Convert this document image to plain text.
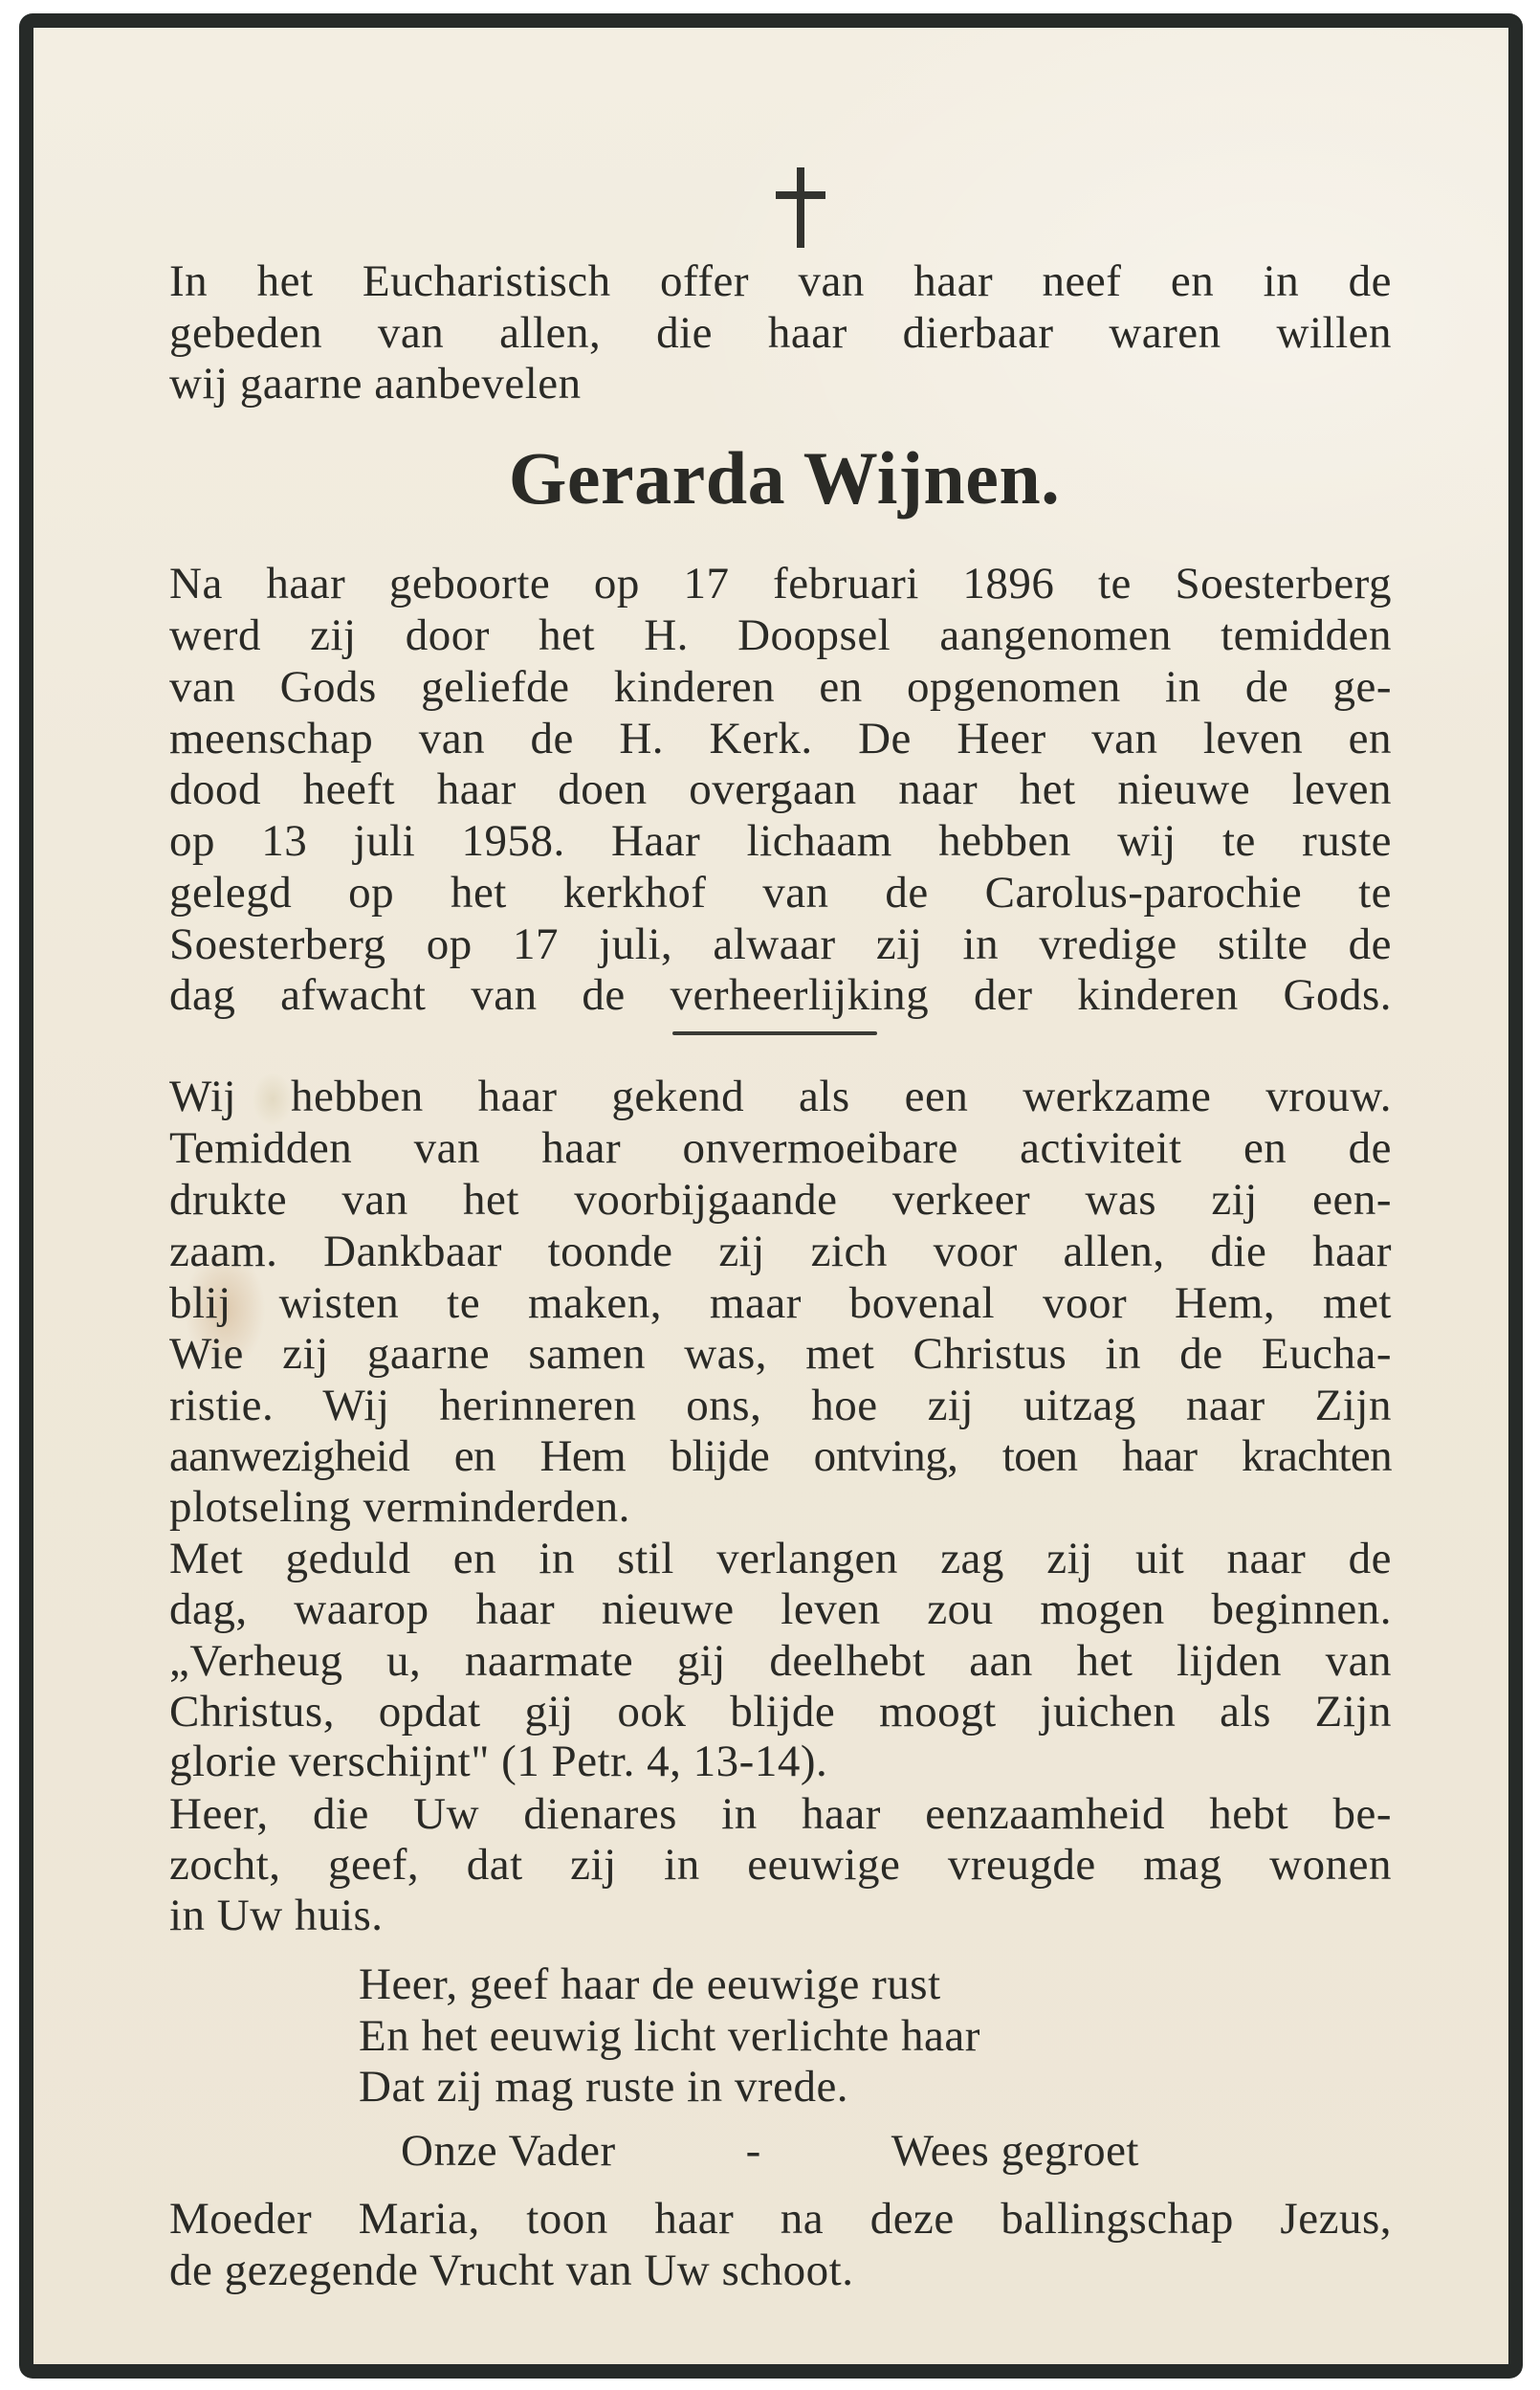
In het Eucharistisch offer van haar neef en in de
gebeden van allen, die haar dierbaar waren willen
wij gaarne aanbevelen
Gerarda Wijnen.
Na haar geboorte op 17 februari 1896 te Soesterberg
werd zij door het H. Doopsel aangenomen temidden
van Gods geliefde kinderen en opgenomen in de ge-
meenschap van de H. Kerk. De Heer van leven en
dood heeft haar doen overgaan naar het nieuwe leven
op 13 juli 1958. Haar lichaam hebben wij te ruste
gelegd op het kerkhof van de Carolus-parochie te
Soesterberg op 17 juli, alwaar zij in vredige stilte de
dag afwacht van de verheerlijking der kinderen Gods.
Wij hebben haar gekend als een werkzame vrouw.
Temidden van haar onvermoeibare activiteit en de
drukte van het voorbijgaande verkeer was zij een-
zaam. Dankbaar toonde zij zich voor allen, die haar
blij wisten te maken, maar bovenal voor Hem, met
Wie zij gaarne samen was, met Christus in de Eucha-
ristie. Wij herinneren ons, hoe zij uitzag naar Zijn
aanwezigheid en Hem blijde ontving, toen haar krachten
plotseling verminderden.
Met geduld en in stil verlangen zag zij uit naar de
dag, waarop haar nieuwe leven zou mogen beginnen.
„Verheug u, naarmate gij deelhebt aan het lijden van
Christus, opdat gij ook blijde moogt juichen als Zijn
glorie verschijnt" (1 Petr. 4, 13-14).
Heer, die Uw dienares in haar eenzaamheid hebt be-
zocht, geef, dat zij in eeuwige vreugde mag wonen
in Uw huis.
Heer, geef haar de eeuwige rust
En het eeuwig licht verlichte haar
Dat zij mag ruste in vrede.
Onze Vader	-	Wees gegroet
Moeder Maria, toon haar na deze ballingschap Jezus,
de gezegende Vrucht van Uw schoot.
